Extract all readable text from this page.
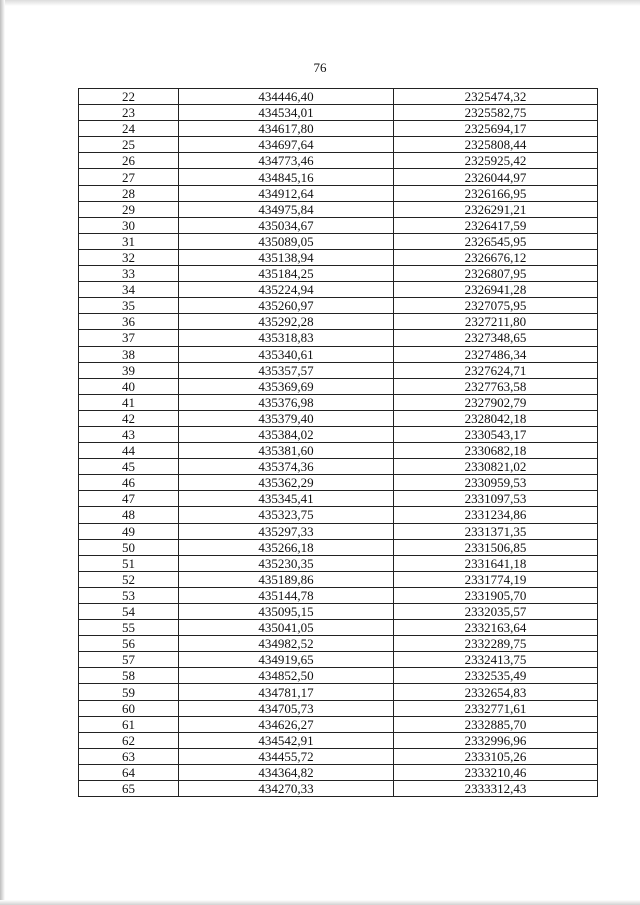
76
22	434446,40	2325474,32
23	434534,01	2325582,75
24	434617,80	2325694,17
25	434697,64	2325808,44
26	434773,46	2325925,42
27	434845,16	2326044,97
28	434912,64	2326166,95
29	434975,84	2326291,21
30	435034,67	2326417,59
31	435089,05	2326545,95
32	435138,94	2326676,12
33	435184,25	2326807,95
34	435224,94	2326941,28
35	435260,97	2327075,95
36	435292,28	2327211,80
37	435318,83	2327348,65
38	435340,61	2327486,34
39	435357,57	2327624,71
40	435369,69	2327763,58
41	435376,98	2327902,79
42	435379,40	2328042,18
43	435384,02	2330543,17
44	435381,60	2330682,18
45	435374,36	2330821,02
46	435362,29	2330959,53
47	435345,41	2331097,53
48	435323,75	2331234,86
49	435297,33	2331371,35
50	435266,18	2331506,85
51	435230,35	2331641,18
52	435189,86	2331774,19
53	435144,78	2331905,70
54	435095,15	2332035,57
55	435041,05	2332163,64
56	434982,52	2332289,75
57	434919,65	2332413,75
58	434852,50	2332535,49
59	434781,17	2332654,83
60	434705,73	2332771,61
61	434626,27	2332885,70
62	434542,91	2332996,96
63	434455,72	2333105,26
64	434364,82	2333210,46
65	434270,33	2333312,43
